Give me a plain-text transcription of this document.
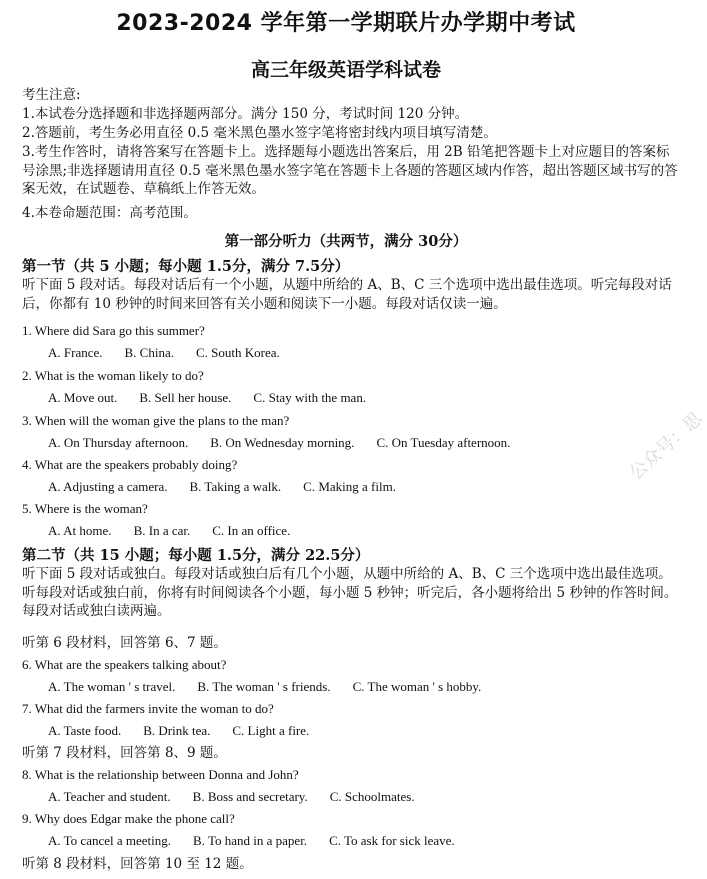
2023-2024 学年第一学期联片办学期中考试
高三年级英语学科试卷
考生注意:
1.本试卷分选择题和非选择题两部分。满分 150 分，考试时间 120 分钟。
2.答题前，考生务必用直径 0.5 毫米黑色墨水签字笔将密封线内项目填写清楚。
3.考生作答时，请将答案写在答题卡上。选择题每小题选出答案后，用 2B 铅笔把答题卡上对应题目的答案标号涂黑;非选择题请用直径 0.5 毫米黑色墨水签字笔在答题卡上各题的答题区域内作答，超出答题区域书写的答案无效，在试题卷、草稿纸上作答无效。
4.本卷命题范围：高考范围。
第一部分听力（共两节，满分 30分）
第一节（共 5 小题；每小题 1.5分，满分 7.5分）
听下面 5 段对话。每段对话后有一个小题，从题中所给的 A、B、C 三个选项中选出最佳选项。听完每段对话后，你都有 10 秒钟的时间来回答有关小题和阅读下一小题。每段对话仅读一遍。
1. Where did Sara go this summer?
A. France. B. China. C. South Korea.
2. What is the woman likely to do?
A. Move out. B. Sell her house. C. Stay with the man.
3. When will the woman give the plans to the man?
A. On Thursday afternoon. B. On Wednesday morning. C. On Tuesday afternoon.
4. What are the speakers probably doing?
A. Adjusting a camera. B. Taking a walk. C. Making a film.
5. Where is the woman?
A. At home. B. In a car. C. In an office.
第二节（共 15 小题；每小题 1.5分，满分 22.5分）
听下面 5 段对话或独白。每段对话或独白后有几个小题，从题中所给的 A、B、C 三个选项中选出最佳选项。听每段对话或独白前，你将有时间阅读各个小题，每小题 5 秒钟；听完后，各小题将给出 5 秒钟的作答时间。每段对话或独白读两遍。
听第 6 段材料，回答第 6、7 题。
6. What are the speakers talking about?
A. The woman ' s travel. B. The woman ' s friends. C. The woman ' s hobby.
7. What did the farmers invite the woman to do?
A. Taste food. B. Drink tea. C. Light a fire.
听第 7 段材料，回答第 8、9 题。
8. What is the relationship between Donna and John?
A. Teacher and student. B. Boss and secretary. C. Schoolmates.
9. Why does Edgar make the phone call?
A. To cancel a meeting. B. To hand in a paper. C. To ask for sick leave.
听第 8 段材料，回答第 10 至 12 题。
公众号：思
